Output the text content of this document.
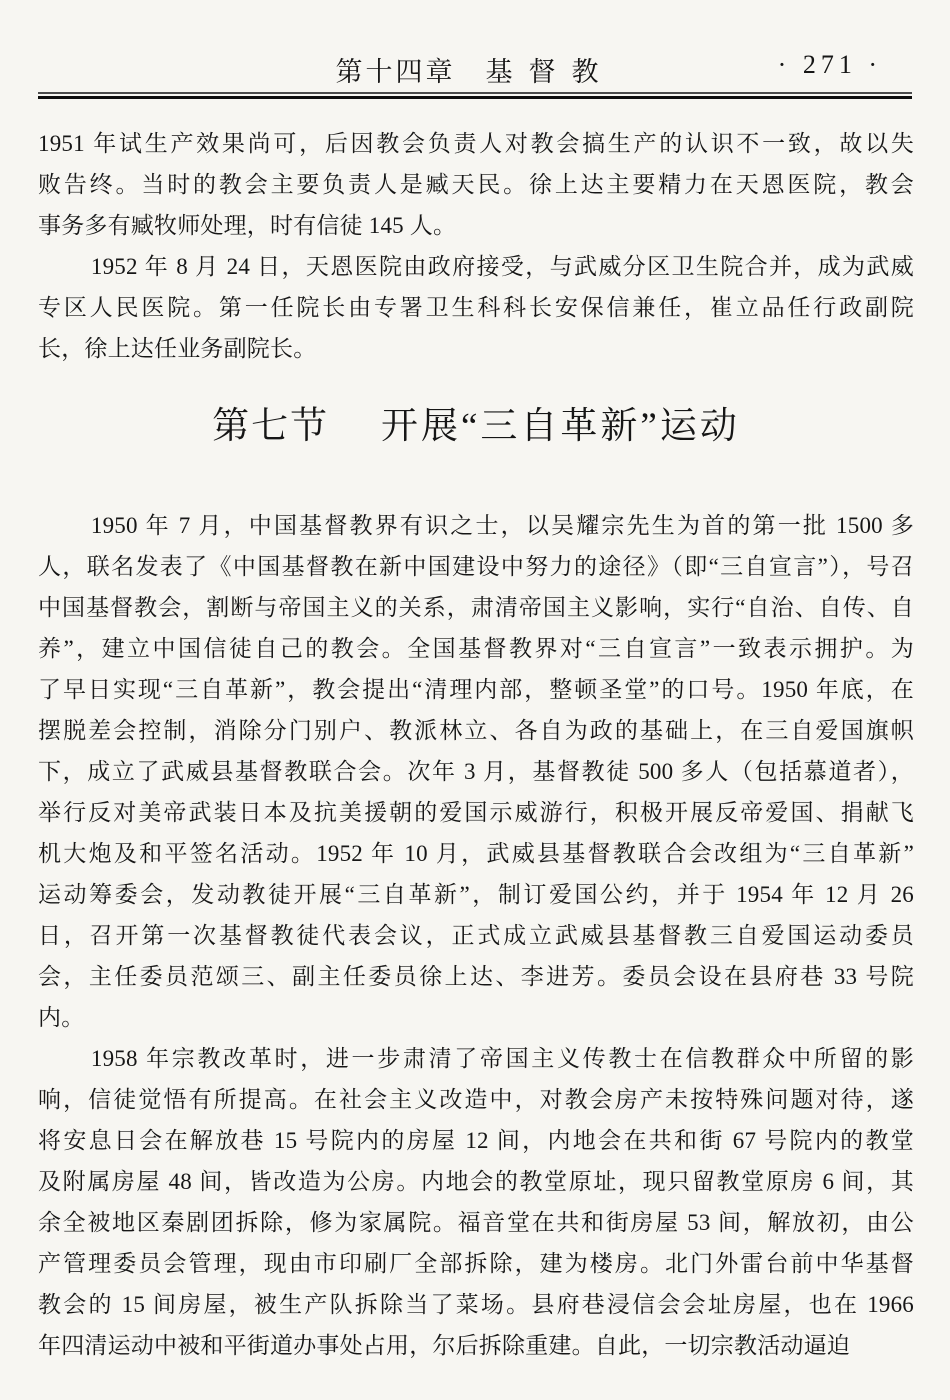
第十四章 基督教	· 271 ·
1951 年试生产效果尚可，后因教会负责人对教会搞生产的认识不一致，故以失
败告终。当时的教会主要负责人是臧天民。徐上达主要精力在天恩医院，教会
事务多有臧牧师处理，时有信徒 145 人。
1952 年 8 月 24 日，天恩医院由政府接受，与武威分区卫生院合并，成为武威
专区人民医院。第一任院长由专署卫生科科长安保信兼任，崔立品任行政副院
长，徐上达任业务副院长。
第七节 开展“三自革新”运动
1950 年 7 月，中国基督教界有识之士，以吴耀宗先生为首的第一批 1500 多
人，联名发表了《中国基督教在新中国建设中努力的途径》（即“三自宣言”），号召
中国基督教会，割断与帝国主义的关系，肃清帝国主义影响，实行“自治、自传、自
养”，建立中国信徒自己的教会。全国基督教界对“三自宣言”一致表示拥护。为
了早日实现“三自革新”，教会提出“清理内部，整顿圣堂”的口号。1950 年底，在
摆脱差会控制，消除分门别户、教派林立、各自为政的基础上，在三自爱国旗帜
下，成立了武威县基督教联合会。次年 3 月，基督教徒 500 多人（包括慕道者），
举行反对美帝武装日本及抗美援朝的爱国示威游行，积极开展反帝爱国、捐献飞
机大炮及和平签名活动。1952 年 10 月，武威县基督教联合会改组为“三自革新”
运动筹委会，发动教徒开展“三自革新”，制订爱国公约，并于 1954 年 12 月 26
日，召开第一次基督教徒代表会议，正式成立武威县基督教三自爱国运动委员
会，主任委员范颂三、副主任委员徐上达、李进芳。委员会设在县府巷 33 号院
内。
1958 年宗教改革时，进一步肃清了帝国主义传教士在信教群众中所留的影
响，信徒觉悟有所提高。在社会主义改造中，对教会房产未按特殊问题对待，遂
将安息日会在解放巷 15 号院内的房屋 12 间，内地会在共和街 67 号院内的教堂
及附属房屋 48 间，皆改造为公房。内地会的教堂原址，现只留教堂原房 6 间，其
余全被地区秦剧团拆除，修为家属院。福音堂在共和街房屋 53 间，解放初，由公
产管理委员会管理，现由市印刷厂全部拆除，建为楼房。北门外雷台前中华基督
教会的 15 间房屋，被生产队拆除当了菜场。县府巷浸信会会址房屋，也在 1966
年四清运动中被和平街道办事处占用，尔后拆除重建。自此，一切宗教活动逼迫
